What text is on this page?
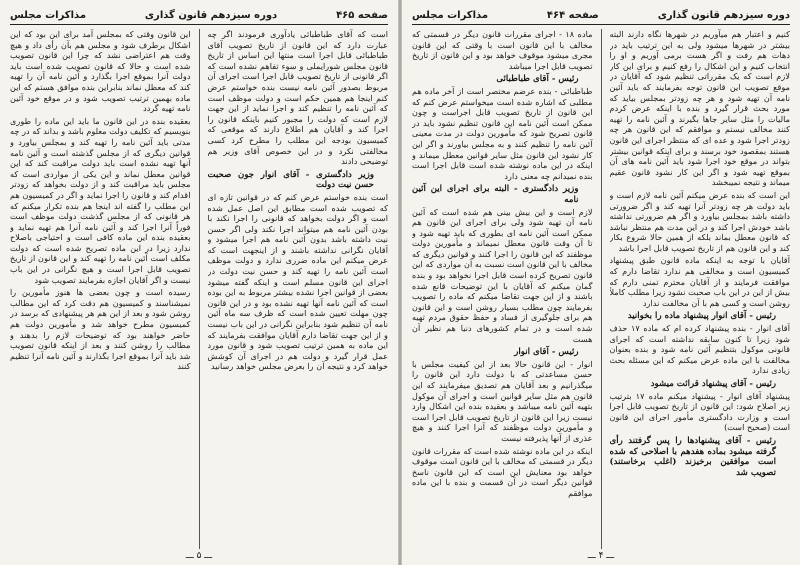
صفحه ۴۶۵
دوره سیزدهم قانون گذاری
مذاکرات مجلس

است که آقای طباطبائی یادآوری فرمودند اگر چه عبارت دارد که این قانون از تاریخ تصویب آقای طباطبائی قابل اجرا است منتها این اساس از تاریخ قانون مجلس شورایملی و سوء تفاهم نشده است که اگر قانونی از تاریخ تصویب قابل اجرا است اجرای آن مربوط بصدور آئین نامه نیست بنده خواستم عرض کنم اینجا هم همین حکم است و دولت موظف است که آئین نامه را تنظیم کند و اجرا نماید از این جهت لازم است که دولت را مجبور کنیم باینکه قانون را اجرا کند و آقایان هم اطلاع دارند که موقعی که کمیسیون بودجه این مطلب را مطرح کرد کسی مخالفتی نکرد و در این خصوص آقای وزیر هم توضیحی دادند

وزیر دادگستری - آقای انوار جون صحبت حسن نیت دولت

است بنده خواستم عرض کنم که در قوانین تازه ای که تصویب شده است مطابق این اصل عمل شده است و اگر دولت بخواهد که قانونی را اجرا نکند با بودن آئین نامه هم میتواند اجرا نکند ولی اگر حسن نیت داشته باشد بدون آئین نامه هم اجرا میشود و آقایان نگرانی نداشته باشند و از اینجهت است که عرض میکنم این ماده ضرری ندارد و دولت موظف است آئین نامه را تهیه کند و حسن نیت دولت در اجرای این قانون مسلم است و اینکه گفته میشود بعضی از قوانین اجرا نشده بیشتر مربوط به این بوده است که آئین نامه آنها تهیه نشده بود و در این قانون چون مهلت تعیین شده است که ظرف سه ماه آئین نامه آن تنظیم شود بنابراین نگرانی در این باب نیست و از این جهت تقاضا دارم آقایان موافقت بفرمایند که این ماده به همین ترتیب تصویب شود و قانون مورد عمل قرار گیرد و دولت هم در اجرای آن کوشش خواهد کرد و نتیجه آن را بعرض مجلس خواهد رسانید

این قانون وقتی که بمجلس آمد برای این بود که این اشکال برطرف شود و مجلس هم بآن رأی داد و هیچ وقت هم اعتراضی نشد که چرا این قانون تصویب شده است و حالا که قانون تصویب شده است باید دولت آنرا بموقع اجرا بگذارد و آئین نامه آن را تهیه کند که معطل نماند بنابراین بنده موافق هستم که این ماده بهمین ترتیب تصویب شود و در موقع خود آئین نامه تهیه گردد

بعقیده بنده در این قانون ما باید این ماده را طوری بنویسیم که تکلیف دولت معلوم باشد و بداند که در چه مدتی باید آئین نامه را تهیه کند و بمجلس بیاورد و قوانین دیگری که از مجلس گذشته است و آئین نامه آنها تهیه نشده است باید دولت مراقبت کند که این قوانین معطل نماند و این یکی از مواردی است که مجلس باید مراقبت کند و از دولت بخواهد که زودتر اقدام کند و قانون را اجرا نماید و اگر در کمیسیون هم این مطلب را گفته اند اینجا هم بنده تکرار میکنم که هر قانونی که از مجلس گذشت دولت موظف است فوراً آنرا اجرا کند و آئین نامه آنرا هم تهیه نماید و بعقیده بنده این ماده کافی است و احتیاجی باصلاح ندارد زیرا در این ماده تصریح شده است که دولت مکلف است آئین نامه را تهیه کند و این قانون از تاریخ تصویب قابل اجرا است و هیچ نگرانی در این باب نیست و اگر آقایان اجازه بفرمایند تصویب شود

رسیده است و چون بعضی ها هنوز مأمورین را نمیشناسند و کمیسیون هم دقت کرد که این مطالب روشن شود و بعد از این هم هر پیشنهادی که برسد در کمیسیون مطرح خواهد شد و مأمورین دولت هم حاضر خواهند بود که توضیحات لازم را بدهند و مطالب را روشن کنند و بعد از اینکه قانون تصویب شد باید آنرا بموقع اجرا بگذارند و آئین نامه آنرا تنظیم کنند

ـــ ۵ ـــ
دوره سیزدهم قانون گذاری
صفحه ۴۶۴
مذاکرات مجلس

کنیم و اعتبار هم میآوریم در شهرها نگاه دارند البته بیشتر در شهرها میشود ولی به این ترتیب باید در دهات هم رفت و اگر هست برمی آوریم و او را انتخاب کنیم و این اشکال را رفع کنیم و برای این کار لازم است که یک مقرراتی تنظیم شود که آقایان در موقع تصویب این قانون توجه بفرمایند که باید آئین نامه آن تهیه شود و هر چه زودتر بمجلس بیاید که مورد بحث قرار گیرد و بنده با اینکه عرض کردم مالیات را مثل سایر جاها بگیرند و آئین نامه را تهیه کنند مخالف نیستم و موافقم که این قانون هر چه زودتر اجرا شود و عده ای که منتظر اجرای این قانون هستند بمقصود خود برسند و برای اینکه قوانین بیشتر بتواند در موقع خود اجرا شود باید آئین نامه های آن بموقع تهیه شود و اگر این کار نشود قانون عقیم میماند و نتیجه نمیبخشد

این است که بنده عرض میکنم آئین نامه لازم است و باید دولت هر چه زودتر آنرا تهیه کند و اگر ضرورتی داشته باشد بمجلس بیاورد و اگر هم ضرورتی نداشته باشد خودش اجرا کند و در این مدت هم منتظر نباشد که قانون معطل بماند بلکه از همین حالا شروع بکار کند و این قانون هم از تاریخ تصویب قابل اجرا باشد

آقایان با توجه به اینکه ماده قانون طبق پیشنهاد کمیسیون است و مخالفی هم ندارد تقاضا دارم که موافقت فرمایند و از آقایان محترم تمنی دارم که بیش از این در این باب صحبت نشود زیرا مطلب کاملاً روشن است و کسی هم با آن مخالفت ندارد

رئیس - آقای انوار پیشنهاد ماده را بخوانید

آقای انوار - بنده پیشنهاد کرده ام که ماده ۱۷ حذف شود زیرا تا کنون سابقه نداشته است که اجرای قانونی موکول بتنظیم آئین نامه شود و بنده بعنوان مخالفت با این ماده عرض میکنم که این مسئله بحث زیادی ندارد

رئیس - آقای پیشنهاد قرائت میشود

پیشنهاد آقای انوار - پیشنهاد میکنم ماده ۱۷ بترتیب زیر اصلاح شود: این قانون از تاریخ تصویب قابل اجرا است و وزارت دادگستری مأمور اجرای این قانون است (صحیح است)

رئیس - آقای پیشنهادها را پس گرفتند رأی گرفته میشود بماده هفدهم با اصلاحی که شده است موافقین برخیزند (اغلب برخاستند) تصویب شد

ماده ۱۸ - اجرای مقررات قانون دیگر در قسمتی که مخالف با این قانون است با وقتی که این قانون مجری میشود موقوف خواهد بود و این قانون از تاریخ تصویب قابل اجرا میباشد

رئیس - آقای طباطبائی

طباطبائی - بنده عرضم مختصر است از آخر ماده هم مطلبی که اشاره شده است میخواستم عرض کنم که این قانون از تاریخ تصویب قابل اجراست و چون ممکن است آئین نامه این قانون تنظیم نشود باید در قانون تصریح شود که مأمورین دولت در مدت معینی آئین نامه را تنظیم کنند و به مجلس بیاورند و اگر این کار نشود این قانون مثل سایر قوانین معطل میماند و اینکه در این ماده نوشته شده است قابل اجرا است بنده نمیدانم چه معنی دارد

وزیر دادگستری - البته برای اجرای این آئین نامه

لازم است و این بیش بینی هم شده است که آئین نامه آن تهیه شود ولی برای اجرای این قانون هم ممکن است آئین نامه ای بطوری که باید تهیه شود و تا آن وقت قانون معطل نمیماند و مأمورین دولت موظفند که این قانون را اجرا کنند و قوانین دیگری که مخالف با این قانون است نسبت به آن مواردی که این قانون تصریح کرده است قابل اجرا نخواهد بود و بنده گمان میکنم که آقایان با این توضیحات قانع شده باشند و از این جهت تقاضا میکنم که ماده را تصویب بفرمایند چون مطلب بسیار روشن است و این قانون هم برای جلوگیری از فساد و حفظ حقوق مردم تهیه شده است و در تمام کشورهای دنیا هم نظیر آن هست

رئیس - آقای انوار

انوار - این قانون حالا بعد از این کیفیت مجلس با حسن مساعدتی که با دولت دارد این قانون را میگذرانیم و بعد آقایان هم تصدیق میفرمایند که این قانون هم مثل سایر قوانین است و اجرای آن موکول بتهیه آئین نامه میباشد و بعقیده بنده این اشکال وارد نیست زیرا این قانون از تاریخ تصویب قابل اجرا است و مأمورین دولت موظفند که آنرا اجرا کنند و هیچ عذری از آنها پذیرفته نیست

اینکه در این ماده نوشته شده است که مقررات قانون دیگر در قسمتی که مخالف با این قانون است موقوف خواهد بود معنایش این است که این قانون ناسخ قوانین دیگر است در آن قسمت و بنده با این ماده موافقم

ـــ ۴ ـــ
